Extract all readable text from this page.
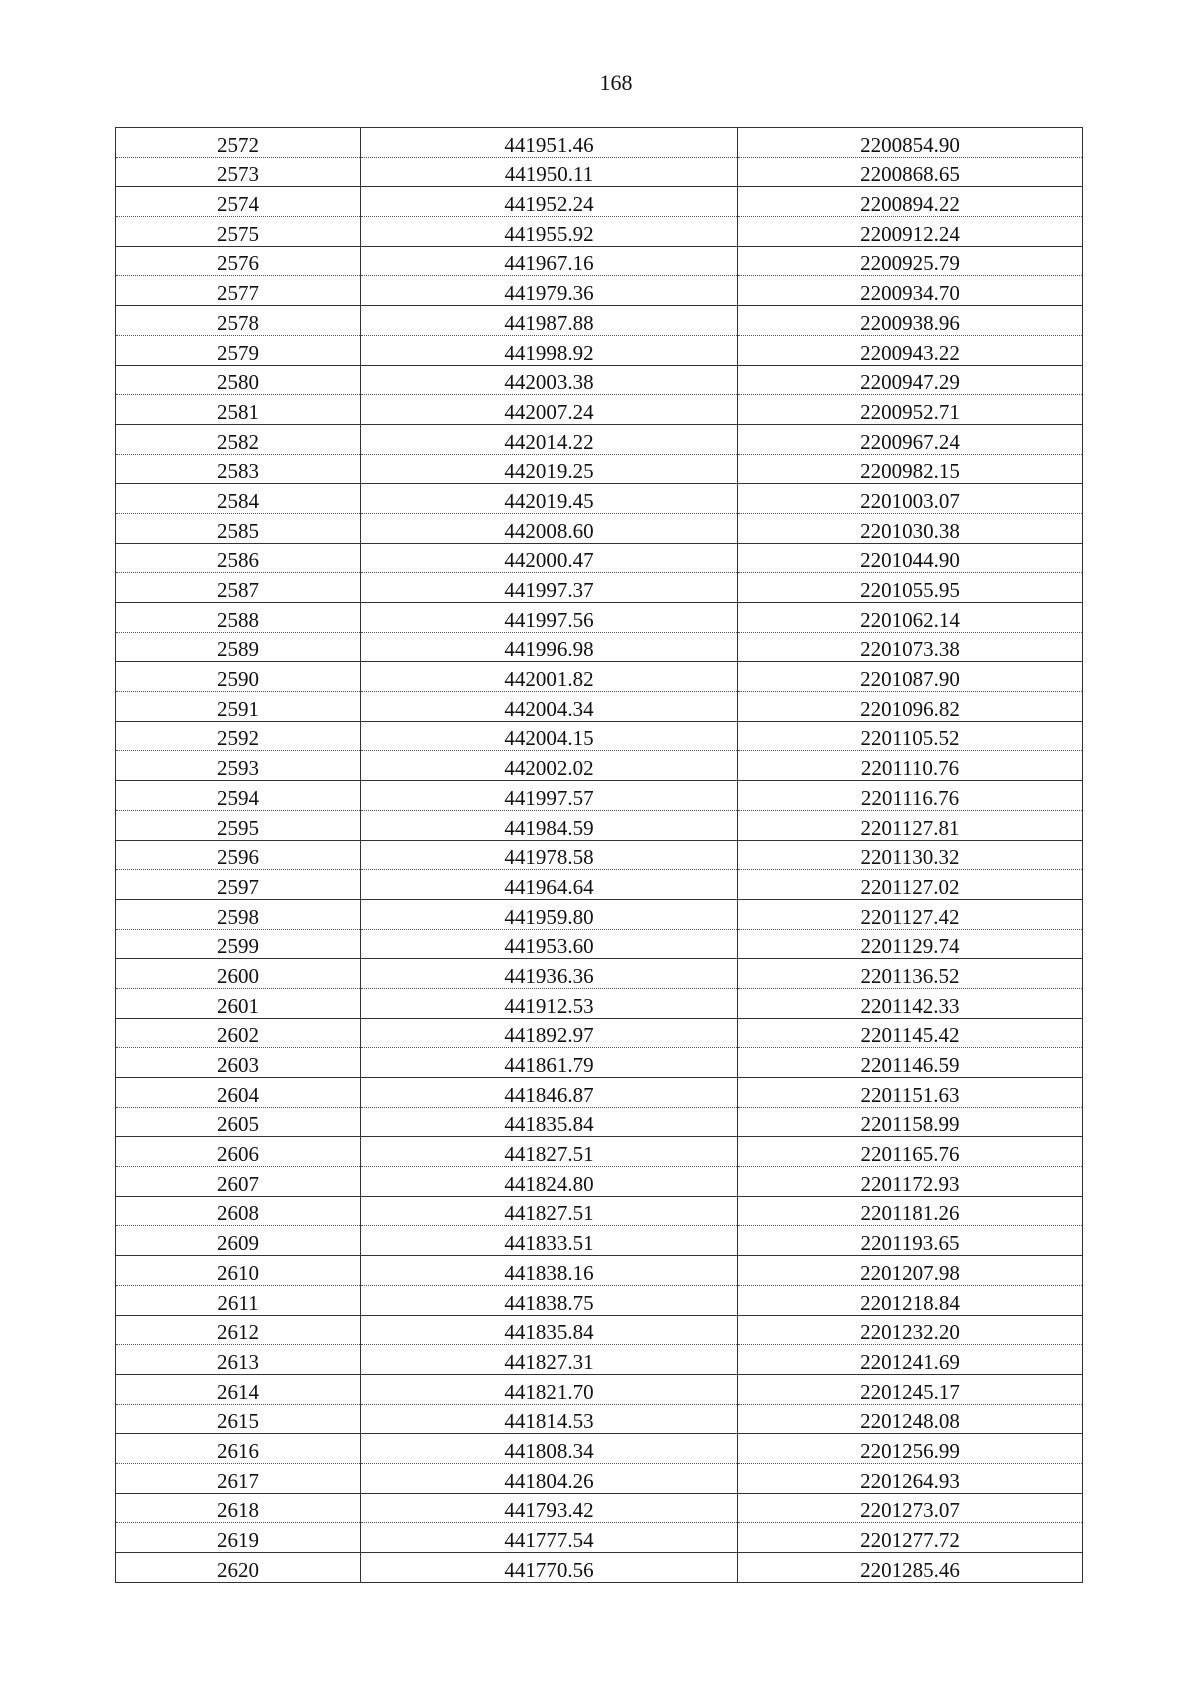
168
2572	441951.46	2200854.90
2573	441950.11	2200868.65
2574	441952.24	2200894.22
2575	441955.92	2200912.24
2576	441967.16	2200925.79
2577	441979.36	2200934.70
2578	441987.88	2200938.96
2579	441998.92	2200943.22
2580	442003.38	2200947.29
2581	442007.24	2200952.71
2582	442014.22	2200967.24
2583	442019.25	2200982.15
2584	442019.45	2201003.07
2585	442008.60	2201030.38
2586	442000.47	2201044.90
2587	441997.37	2201055.95
2588	441997.56	2201062.14
2589	441996.98	2201073.38
2590	442001.82	2201087.90
2591	442004.34	2201096.82
2592	442004.15	2201105.52
2593	442002.02	2201110.76
2594	441997.57	2201116.76
2595	441984.59	2201127.81
2596	441978.58	2201130.32
2597	441964.64	2201127.02
2598	441959.80	2201127.42
2599	441953.60	2201129.74
2600	441936.36	2201136.52
2601	441912.53	2201142.33
2602	441892.97	2201145.42
2603	441861.79	2201146.59
2604	441846.87	2201151.63
2605	441835.84	2201158.99
2606	441827.51	2201165.76
2607	441824.80	2201172.93
2608	441827.51	2201181.26
2609	441833.51	2201193.65
2610	441838.16	2201207.98
2611	441838.75	2201218.84
2612	441835.84	2201232.20
2613	441827.31	2201241.69
2614	441821.70	2201245.17
2615	441814.53	2201248.08
2616	441808.34	2201256.99
2617	441804.26	2201264.93
2618	441793.42	2201273.07
2619	441777.54	2201277.72
2620	441770.56	2201285.46
